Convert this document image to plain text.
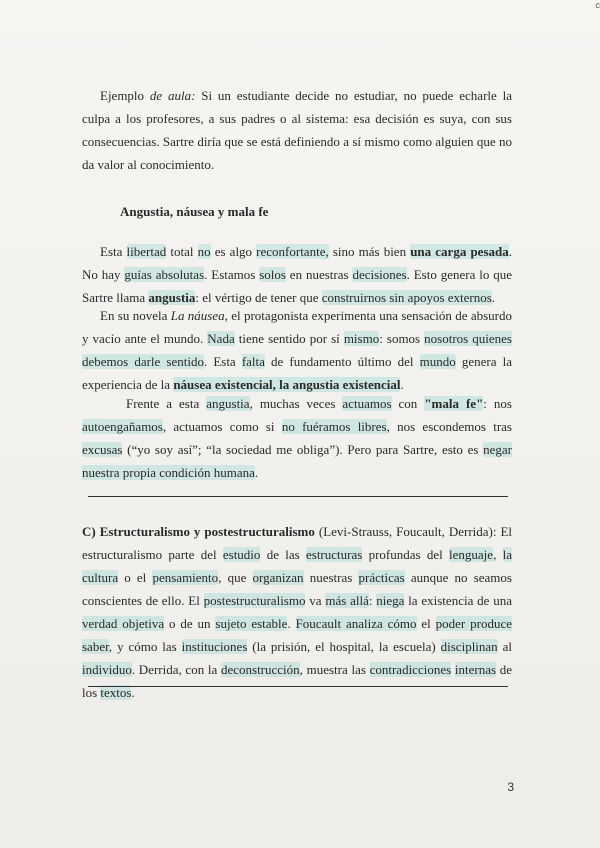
c

Ejemplo de aula: Si un estudiante decide no estudiar, no puede echarle la culpa a los profesores, a sus padres o al sistema: esa decisión es suya, con sus consecuencias. Sartre diría que se está definiendo a sí mismo como alguien que no da valor al conocimiento.

Angustia, náusea y mala fe

Esta libertad total no es algo reconfortante, sino más bien una carga pesada. No hay guías absolutas. Estamos solos en nuestras decisiones. Esto genera lo que Sartre llama angustia: el vértigo de tener que construirnos sin apoyos externos.

En su novela La náusea, el protagonista experimenta una sensación de absurdo y vacío ante el mundo. Nada tiene sentido por sí mismo: somos nosotros quienes debemos darle sentido. Esta falta de fundamento último del mundo genera la experiencia de la náusea existencial, la angustia existencial.

Frente a esta angustia, muchas veces actuamos con "mala fe": nos autoengañamos, actuamos como si no fuéramos libres, nos escondemos tras excusas (“yo soy así”; “la sociedad me obliga”). Pero para Sartre, esto es negar nuestra propia condición humana.

C) Estructuralismo y postestructuralismo (Levi-Strauss, Foucault, Derrida): El estructuralismo parte del estudio de las estructuras profundas del lenguaje, la cultura o el pensamiento, que organizan nuestras prácticas aunque no seamos conscientes de ello. El postestructuralismo va más allá: niega la existencia de una verdad objetiva o de un sujeto estable. Foucault analiza cómo el poder produce saber, y cómo las instituciones (la prisión, el hospital, la escuela) disciplinan al individuo. Derrida, con la deconstrucción, muestra las contradicciones internas de los textos.

3
